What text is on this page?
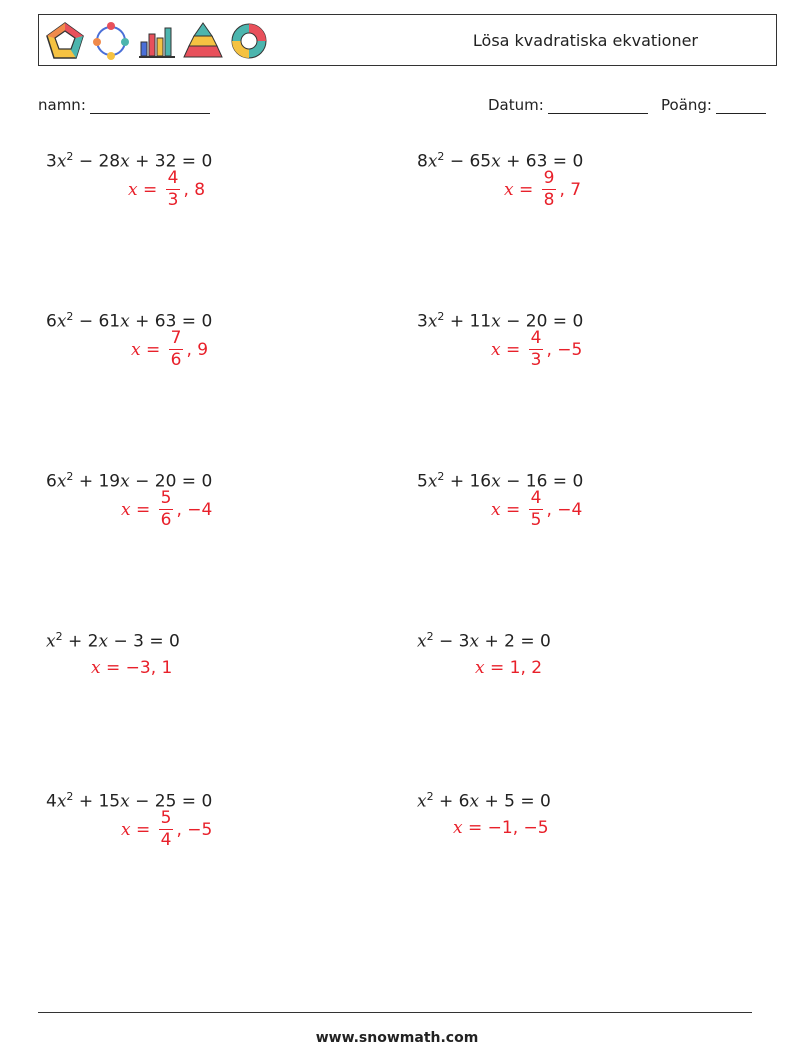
Lösa kvadratiska ekvationer
namn:	Datum:	Poäng:
$3x^2 - 28x + 32 = 0$
$x = \frac{4}{3}$ , 8
$8x^2 - 65x + 63 = 0$
$x = \frac{9}{8}$ , 7
$6x^2 - 61x + 63 = 0$
$x = \frac{7}{6}$ , 9
$3x^2 + 11x - 20 = 0$
$x = \frac{4}{3}$ , −5
$6x^2 + 19x - 20 = 0$
$x = \frac{5}{6}$ , −4
$5x^2 + 16x - 16 = 0$
$x = \frac{4}{5}$ , −4
$x^2 + 2x - 3 = 0$
x = −3, 1
$x^2 - 3x + 2 = 0$
x = 1, 2
$4x^2 + 15x - 25 = 0$
$x = \frac{5}{4}$ , −5
$x^2 + 6x + 5 = 0$
x = −1, −5
www.snowmath.com
